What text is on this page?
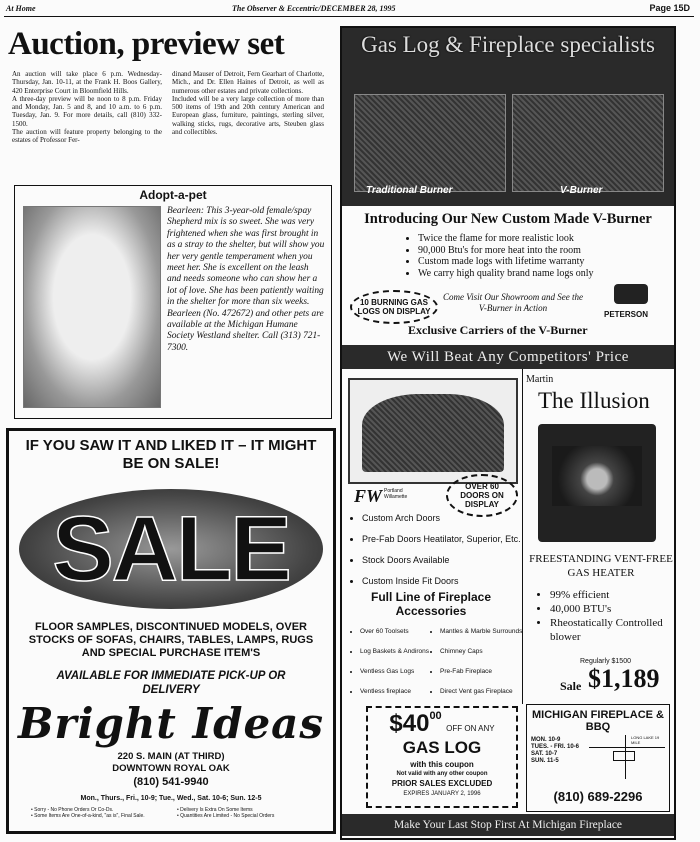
At Home	The Observer & Eccentric/DECEMBER 28, 1995	Page 15D
Auction, preview set
An auction will take place 6 p.m. Wednesday-Thursday, Jan. 10-11, at the Frank H. Boos Gallery, 420 Enterprise Court in Bloomfield Hills.
A three-day preview will be noon to 8 p.m. Friday and Monday, Jan. 5 and 8, and 10 a.m. to 6 p.m. Tuesday, Jan. 9. For more details, call (810) 332-1500.
The auction will feature property belonging to the estates of Professor Fer-
dinand Mauser of Detroit, Fern Gearhart of Charlotte, Mich., and Dr. Ellen Haines of Detroit, as well as numerous other estates and private collections.
Included will be a very large collection of more than 500 items of 19th and 20th century American and European glass, furniture, paintings, sterling silver, walking sticks, rugs, decorative arts, Steuben glass and collectibles.
Adopt-a-pet
Bearleen: This 3-year-old female/spay Shepherd mix is so sweet. She was very frightened when she was first brought in as a stray to the shelter, but will show you her very gentle temperament when you meet her. She is excellent on the leash and needs someone who can show her a lot of love. She has been patiently waiting in the shelter for more than six weeks. Bearleen (No. 472672) and other pets are available at the Michigan Humane Society Westland shelter. Call (313) 721-7300.
IF YOU SAW IT AND LIKED IT – IT MIGHT BE ON SALE!
SALE
FLOOR SAMPLES, DISCONTINUED MODELS, OVER STOCKS OF SOFAS, CHAIRS, TABLES, LAMPS, RUGS AND SPECIAL PURCHASE ITEM'S
AVAILABLE FOR IMMEDIATE PICK-UP OR DELIVERY
Bright Ideas
220 S. MAIN (AT THIRD)
DOWNTOWN ROYAL OAK
(810) 541-9940
Mon., Thurs., Fri., 10-9; Tue., Wed., Sat. 10-6; Sun. 12-5
• Sorry - No Phone Orders Or Co-Ds.
• Some Items Are One-of-a-kind, "as is", Final Sale.
• Delivery Is Extra On Some Items
• Quantities Are Limited - No Special Orders
Gas Log & Fireplace specialists
Traditional Burner	V-Burner
Introducing Our New Custom Made V-Burner
• Twice the flame for more realistic look
• 90,000 Btu's for more heat into the room
• Custom made logs with lifetime warranty
• We carry high quality brand name logs only
10 BURNING GAS LOGS ON DISPLAY
Come Visit Our Showroom and See the V-Burner in Action
PETERSON
Exclusive Carriers of the V-Burner
We Will Beat Any Competitors' Price
FW Portland Willamette
OVER 60 DOORS ON DISPLAY
• Custom Arch Doors
• Pre-Fab Doors Heatilator, Superior, Etc.
• Stock Doors Available
• Custom Inside Fit Doors
Full Line of Fireplace Accessories
• Over 60 Toolsets
• Log Baskets & Andirons
• Ventless Gas Logs
• Ventless fireplace
• Mantles & Marble Surrounds
• Chimney Caps
• Pre-Fab Fireplace
• Direct Vent gas Fireplace
Martin
The Illusion
FREESTANDING VENT-FREE GAS HEATER
• 99% efficient
• 40,000 BTU's
• Rheostatically Controlled blower
Regularly $1500
Sale $1,189
$\$40^{00}$ OFF ON ANY
GAS LOG
with this coupon
Not valid with any other coupon
PRIOR SALES EXCLUDED
EXPIRES JANUARY 2, 1996
MICHIGAN FIREPLACE & BBQ
MON. 10-9
TUES. - FRI. 10-6
SAT. 10-7
SUN. 11-5
LONG LAKE 19 MILE
(810) 689-2296
Make Your Last Stop First At Michigan Fireplace
